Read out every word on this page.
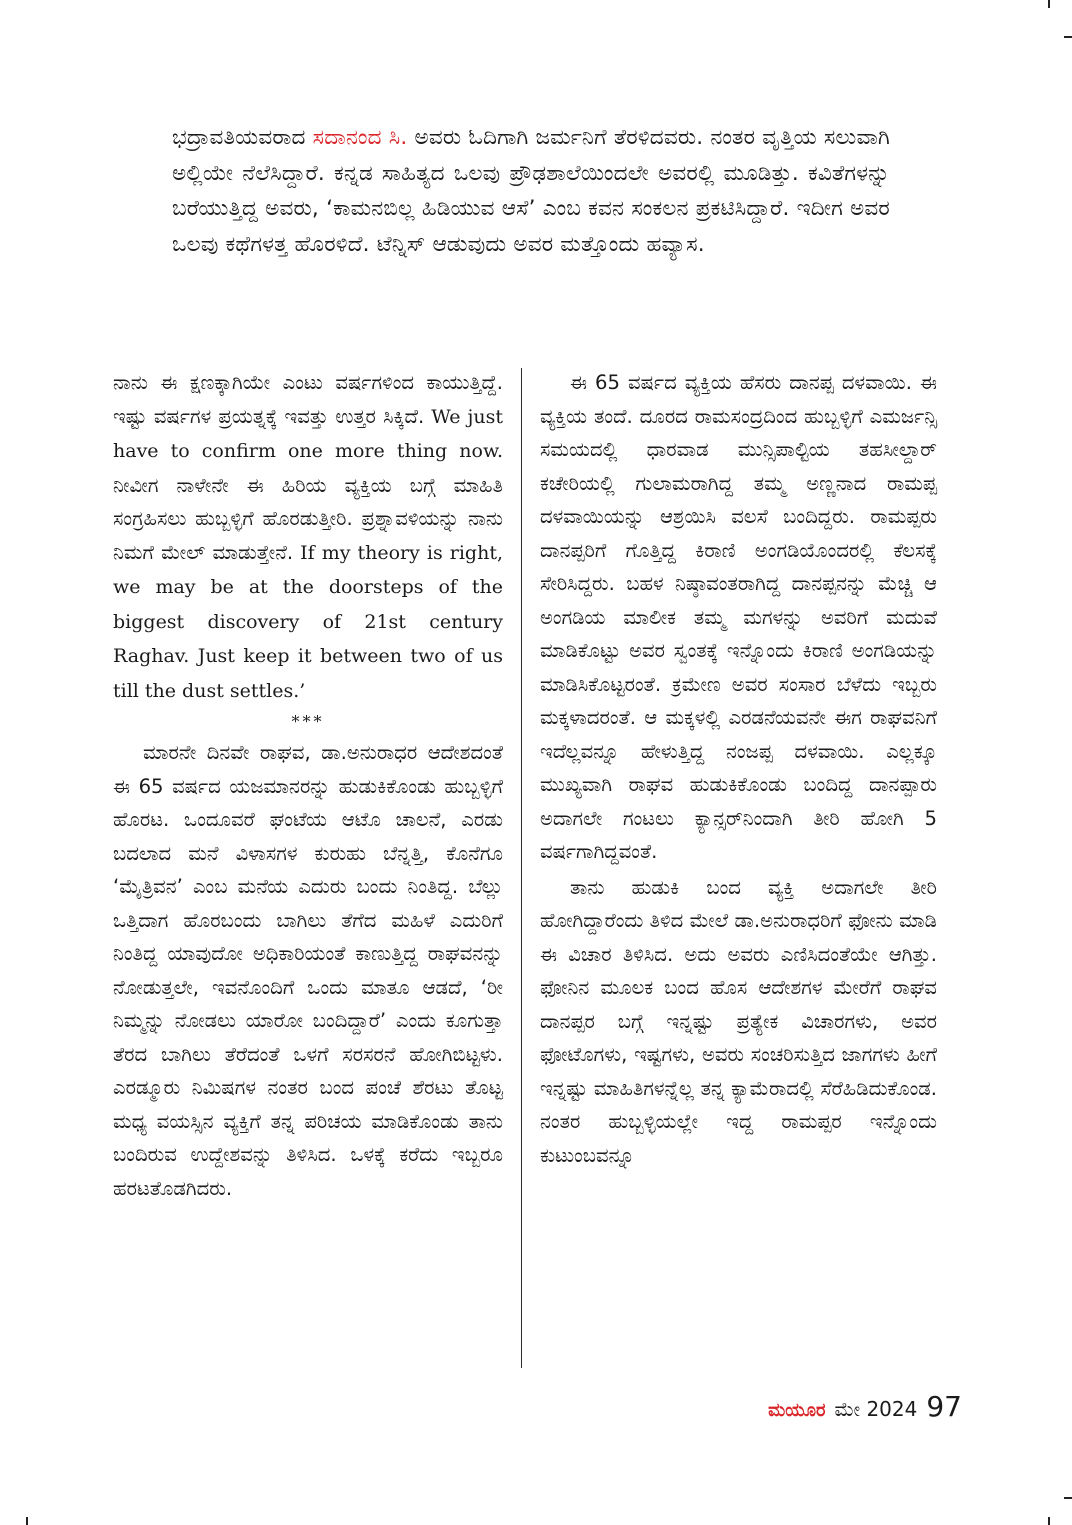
ಭದ್ರಾವತಿಯವರಾದ ಸದಾನಂದ ಸಿ. ಅವರು ಓದಿಗಾಗಿ ಜರ್ಮನಿಗೆ ತೆರಳಿದವರು. ನಂತರ ವೃತ್ತಿಯ ಸಲುವಾಗಿ ಅಲ್ಲಿಯೇ ನೆಲೆಸಿದ್ದಾರೆ. ಕನ್ನಡ ಸಾಹಿತ್ಯದ ಒಲವು ಪ್ರೌಢಶಾಲೆಯಿಂದಲೇ ಅವರಲ್ಲಿ ಮೂಡಿತ್ತು. ಕವಿತೆಗಳನ್ನು ಬರೆಯುತ್ತಿದ್ದ ಅವರು, ‘ಕಾಮನಬಿಲ್ಲ ಹಿಡಿಯುವ ಆಸೆ’ ಎಂಬ ಕವನ ಸಂಕಲನ ಪ್ರಕಟಿಸಿದ್ದಾರೆ. ಇದೀಗ ಅವರ ಒಲವು ಕಥೆಗಳತ್ತ ಹೊರಳಿದೆ. ಟೆನ್ನಿಸ್ ಆಡುವುದು ಅವರ ಮತ್ತೊಂದು ಹವ್ಯಾಸ.

ನಾನು ಈ ಕ್ಷಣಕ್ಕಾಗಿಯೇ ಎಂಟು ವರ್ಷಗಳಿಂದ ಕಾಯುತ್ತಿದ್ದೆ. ಇಷ್ಟು ವರ್ಷಗಳ ಪ್ರಯತ್ನಕ್ಕೆ ಇವತ್ತು ಉತ್ತರ ಸಿಕ್ಕಿದೆ. We just have to confirm one more thing now. ನೀವೀಗ ನಾಳೇನೇ ಈ ಹಿರಿಯ ವ್ಯಕ್ತಿಯ ಬಗ್ಗೆ ಮಾಹಿತಿ ಸಂಗ್ರಹಿಸಲು ಹುಬ್ಬಳ್ಳಿಗೆ ಹೊರಡುತ್ತೀರಿ. ಪ್ರಶ್ನಾವಳಿಯನ್ನು ನಾನು ನಿಮಗೆ ಮೇಲ್ ಮಾಡುತ್ತೇನೆ. If my theory is right, we may be at the doorsteps of the biggest discovery of 21st century Raghav. Just keep it between two of us till the dust settles.’

***

ಮಾರನೇ ದಿನವೇ ರಾಘವ, ಡಾ.ಅನುರಾಧರ ಆದೇಶದಂತೆ ಈ 65 ವರ್ಷದ ಯಜಮಾನರನ್ನು ಹುಡುಕಿಕೊಂಡು ಹುಬ್ಬಳ್ಳಿಗೆ ಹೊರಟ. ಒಂದೂವರೆ ಘಂಟೆಯ ಆಟೊ ಚಾಲನೆ, ಎರಡು ಬದಲಾದ ಮನೆ ವಿಳಾಸಗಳ ಕುರುಹು ಬೆನ್ನತ್ತಿ, ಕೊನೆಗೂ ‘ಮೈತ್ರಿವನ’ ಎಂಬ ಮನೆಯ ಎದುರು ಬಂದು ನಿಂತಿದ್ದ. ಬೆಲ್ಲು ಒತ್ತಿದಾಗ ಹೊರಬಂದು ಬಾಗಿಲು ತೆಗೆದ ಮಹಿಳೆ ಎದುರಿಗೆ ನಿಂತಿದ್ದ ಯಾವುದೋ ಅಧಿಕಾರಿಯಂತೆ ಕಾಣುತ್ತಿದ್ದ ರಾಘವನನ್ನು ನೋಡುತ್ತಲೇ, ಇವನೊಂದಿಗೆ ಒಂದು ಮಾತೂ ಆಡದೆ, ‘ರೀ ನಿಮ್ಮನ್ನು ನೋಡಲು ಯಾರೋ ಬಂದಿದ್ದಾರೆ’ ಎಂದು ಕೂಗುತ್ತಾ ತೆರದ ಬಾಗಿಲು ತೆರೆದಂತೆ ಒಳಗೆ ಸರಸರನೆ ಹೋಗಿಬಿಟ್ಟಳು. ಎರಡ್ಮೂರು ನಿಮಿಷಗಳ ನಂತರ ಬಂದ ಪಂಚೆ ಶೆರಟು ತೊಟ್ಟ ಮಧ್ಯ ವಯಸ್ಸಿನ ವ್ಯಕ್ತಿಗೆ ತನ್ನ ಪರಿಚಯ ಮಾಡಿಕೊಂಡು ತಾನು ಬಂದಿರುವ ಉದ್ದೇಶವನ್ನು ತಿಳಿಸಿದ. ಒಳಕ್ಕೆ ಕರೆದು ಇಬ್ಬರೂ ಹರಟತೊಡಗಿದರು.

ಈ 65 ವರ್ಷದ ವ್ಯಕ್ತಿಯ ಹೆಸರು ದಾನಪ್ಪ ದಳವಾಯಿ. ಈ ವ್ಯಕ್ತಿಯ ತಂದೆ. ದೂರದ ರಾಮಸಂದ್ರದಿಂದ ಹುಬ್ಬಳ್ಳಿಗೆ ಎಮರ್ಜನ್ಸಿ ಸಮಯದಲ್ಲಿ ಧಾರವಾಡ ಮುನ್ಸಿಪಾಲ್ಟಿಯ ತಹಸೀಲ್ದಾರ್ ಕಚೇರಿಯಲ್ಲಿ ಗುಲಾಮರಾಗಿದ್ದ ತಮ್ಮ ಅಣ್ಣನಾದ ರಾಮಪ್ಪ ದಳವಾಯಿಯನ್ನು ಆಶ್ರಯಿಸಿ ವಲಸೆ ಬಂದಿದ್ದರು. ರಾಮಪ್ಪರು ದಾನಪ್ಪರಿಗೆ ಗೊತ್ತಿದ್ದ ಕಿರಾಣಿ ಅಂಗಡಿಯೊಂದರಲ್ಲಿ ಕೆಲಸಕ್ಕೆ ಸೇರಿಸಿದ್ದರು. ಬಹಳ ನಿಷ್ಠಾವಂತರಾಗಿದ್ದ ದಾನಪ್ಪನನ್ನು ಮೆಚ್ಚಿ ಆ ಅಂಗಡಿಯ ಮಾಲೀಕ ತಮ್ಮ ಮಗಳನ್ನು ಅವರಿಗೆ ಮದುವೆ ಮಾಡಿಕೊಟ್ಟು ಅವರ ಸ್ವಂತಕ್ಕೆ ಇನ್ನೊಂದು ಕಿರಾಣಿ ಅಂಗಡಿಯನ್ನು ಮಾಡಿಸಿಕೊಟ್ಟರಂತೆ. ಕ್ರಮೇಣ ಅವರ ಸಂಸಾರ ಬೆಳೆದು ಇಬ್ಬರು ಮಕ್ಕಳಾದರಂತೆ. ಆ ಮಕ್ಕಳಲ್ಲಿ ಎರಡನೆಯವನೇ ಈಗ ರಾಘವನಿಗೆ ಇದೆಲ್ಲವನ್ನೂ ಹೇಳುತ್ತಿದ್ದ ನಂಜಪ್ಪ ದಳವಾಯಿ. ಎಲ್ಲಕ್ಕೂ ಮುಖ್ಯವಾಗಿ ರಾಘವ ಹುಡುಕಿಕೊಂಡು ಬಂದಿದ್ದ ದಾನಪ್ಪಾರು ಅದಾಗಲೇ ಗಂಟಲು ಕ್ಯಾನ್ಸರ್‌ನಿಂದಾಗಿ ತೀರಿ ಹೋಗಿ 5 ವರ್ಷಗಾಗಿದ್ದವಂತೆ.

ತಾನು ಹುಡುಕಿ ಬಂದ ವ್ಯಕ್ತಿ ಅದಾಗಲೇ ತೀರಿ ಹೋಗಿದ್ದಾರೆಂದು ತಿಳಿದ ಮೇಲೆ ಡಾ.ಅನುರಾಧರಿಗೆ ಫೋನು ಮಾಡಿ ಈ ವಿಚಾರ ತಿಳಿಸಿದ. ಅದು ಅವರು ಎಣಿಸಿದಂತೆಯೇ ಆಗಿತ್ತು. ಫೋನಿನ ಮೂಲಕ ಬಂದ ಹೊಸ ಆದೇಶಗಳ ಮೇರೆಗೆ ರಾಘವ ದಾನಪ್ಪರ ಬಗ್ಗೆ ಇನ್ನಷ್ಟು ಪ್ರತ್ಯೇಕ ವಿಚಾರಗಳು, ಅವರ ಫೋಟೊಗಳು, ಇಷ್ಟಗಳು, ಅವರು ಸಂಚರಿಸುತ್ತಿದ ಜಾಗಗಳು ಹೀಗೆ ಇನ್ನಷ್ಟು ಮಾಹಿತಿಗಳನ್ನೆಲ್ಲ ತನ್ನ ಕ್ಯಾಮೆರಾದಲ್ಲಿ ಸೆರೆಹಿಡಿದುಕೊಂಡ. ನಂತರ ಹುಬ್ಬಳ್ಳಿಯಲ್ಲೇ ಇದ್ದ ರಾಮಪ್ಪರ ಇನ್ನೊಂದು ಕುಟುಂಬವನ್ನೂ

ಮಯೂರ ಮೇ 2024 97
